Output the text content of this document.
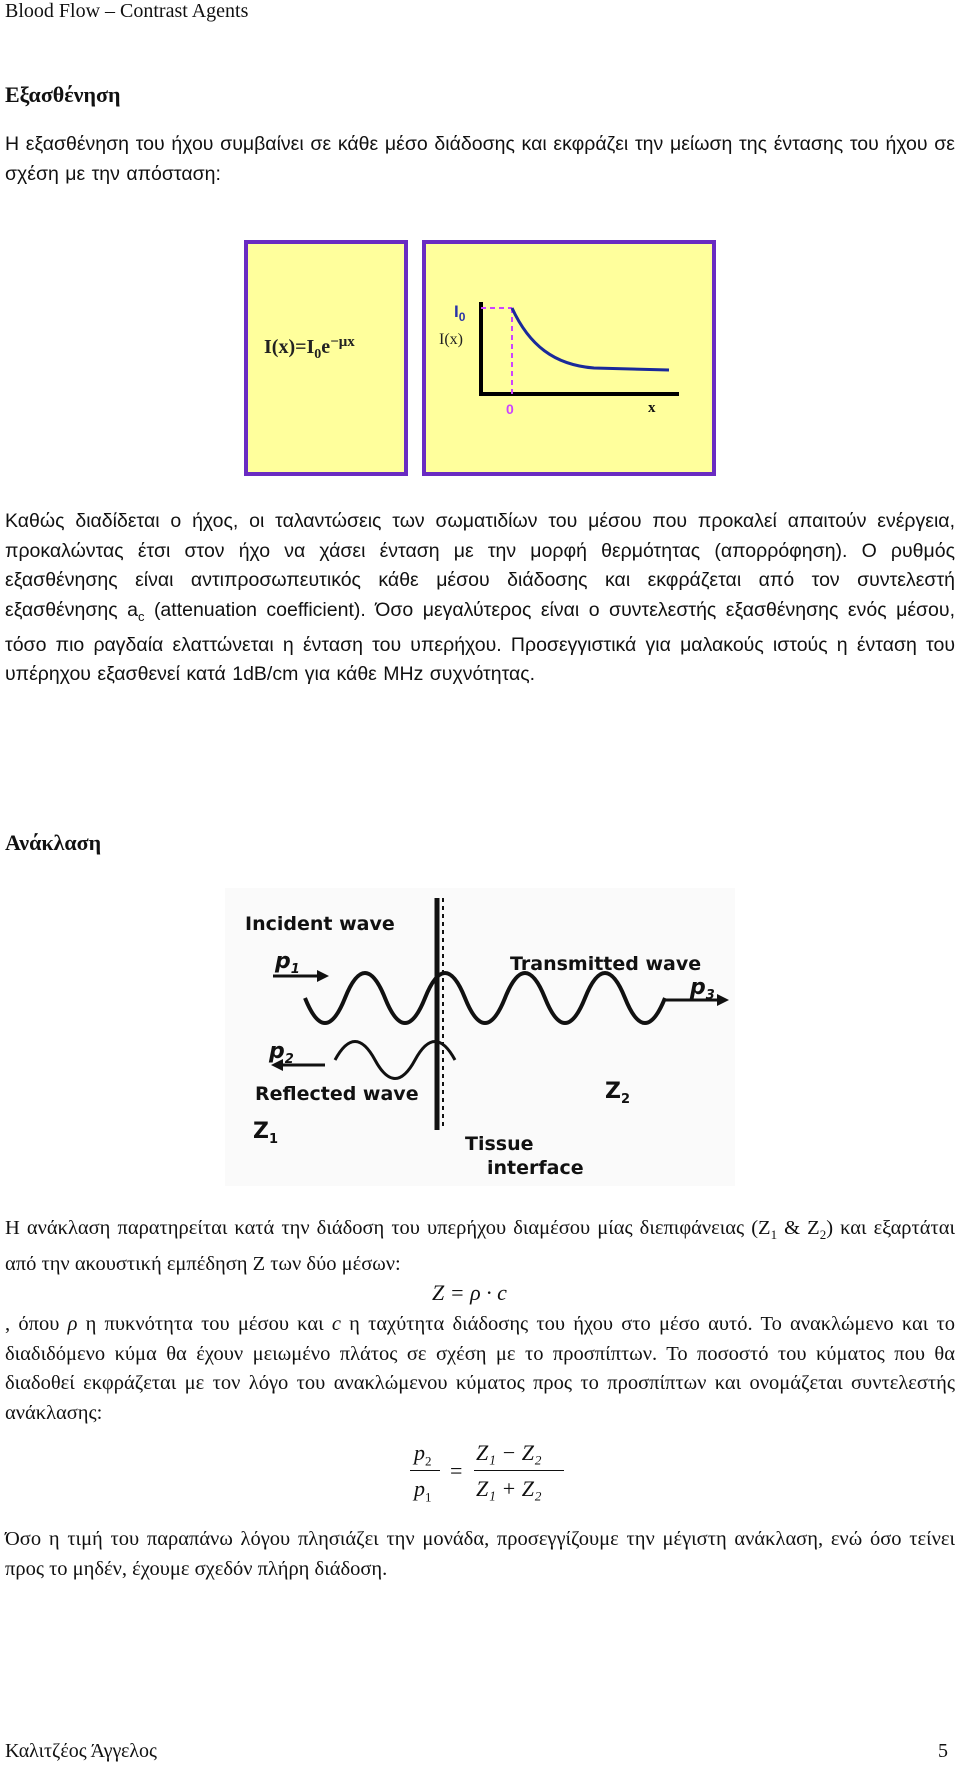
Blood Flow – Contrast Agents
Εξασθένηση
Η εξασθένηση του ήχου συμβαίνει σε κάθε μέσο διάδοσης και εκφράζει την μείωση της έντασης του ήχου σε σχέση με την απόσταση:
$I(x)=I_0e^{-\mu x}$
$I_0$
I(x)
0	x
Καθώς διαδίδεται ο ήχος, οι ταλαντώσεις των σωματιδίων του μέσου που προκαλεί απαιτούν ενέργεια, προκαλώντας έτσι στον ήχο να χάσει ένταση με την μορφή θερμότητας (απορρόφηση). Ο ρυθμός εξασθένησης είναι αντιπροσωπευτικός κάθε μέσου διάδοσης και εκφράζεται από τον συντελεστή εξασθένησης $a_c$ (attenuation coefficient). Όσο μεγαλύτερος είναι ο συντελεστής εξασθένησης ενός μέσου, τόσο πιο ραγδαία ελαττώνεται η ένταση του υπερήχου. Προσεγγιστικά για μαλακούς ιστούς η ένταση του υπέρηχου εξασθενεί κατά 1dB/cm για κάθε MHz συχνότητας.
Ανάκλαση
Incident wave
Transmitted wave
Reflected wave
Tissue
interface
$p_1$
$p_2$
$p_3$
$Z_1$
$Z_2$
Η ανάκλαση παρατηρείται κατά την διάδοση του υπερήχου διαμέσου μίας διεπιφάνειας ($Z_1$ & $Z_2$) και εξαρτάται από την ακουστική εμπέδηση Z των δύο μέσων:
Z = ρ · c
, όπου ρ η πυκνότητα του μέσου και c η ταχύτητα διάδοσης του ήχου στο μέσο αυτό. Το ανακλώμενο και το διαδιδόμενο κύμα θα έχουν μειωμένο πλάτος σε σχέση με το προσπίπτων. Το ποσοστό του κύματος που θα διαδοθεί εκφράζεται με τον λόγο του ανακλώμενου κύματος προς το προσπίπτων και ονομάζεται συντελεστής ανάκλασης:
$p_2$
$p_1$
=
Z₁ − Z₂
Z₁ + Z₂
Όσο η τιμή του παραπάνω λόγου πλησιάζει την μονάδα, προσεγγίζουμε την μέγιστη ανάκλαση, ενώ όσο τείνει προς το μηδέν, έχουμε σχεδόν πλήρη διάδοση.
Καλιτζέος Άγγελος	5
